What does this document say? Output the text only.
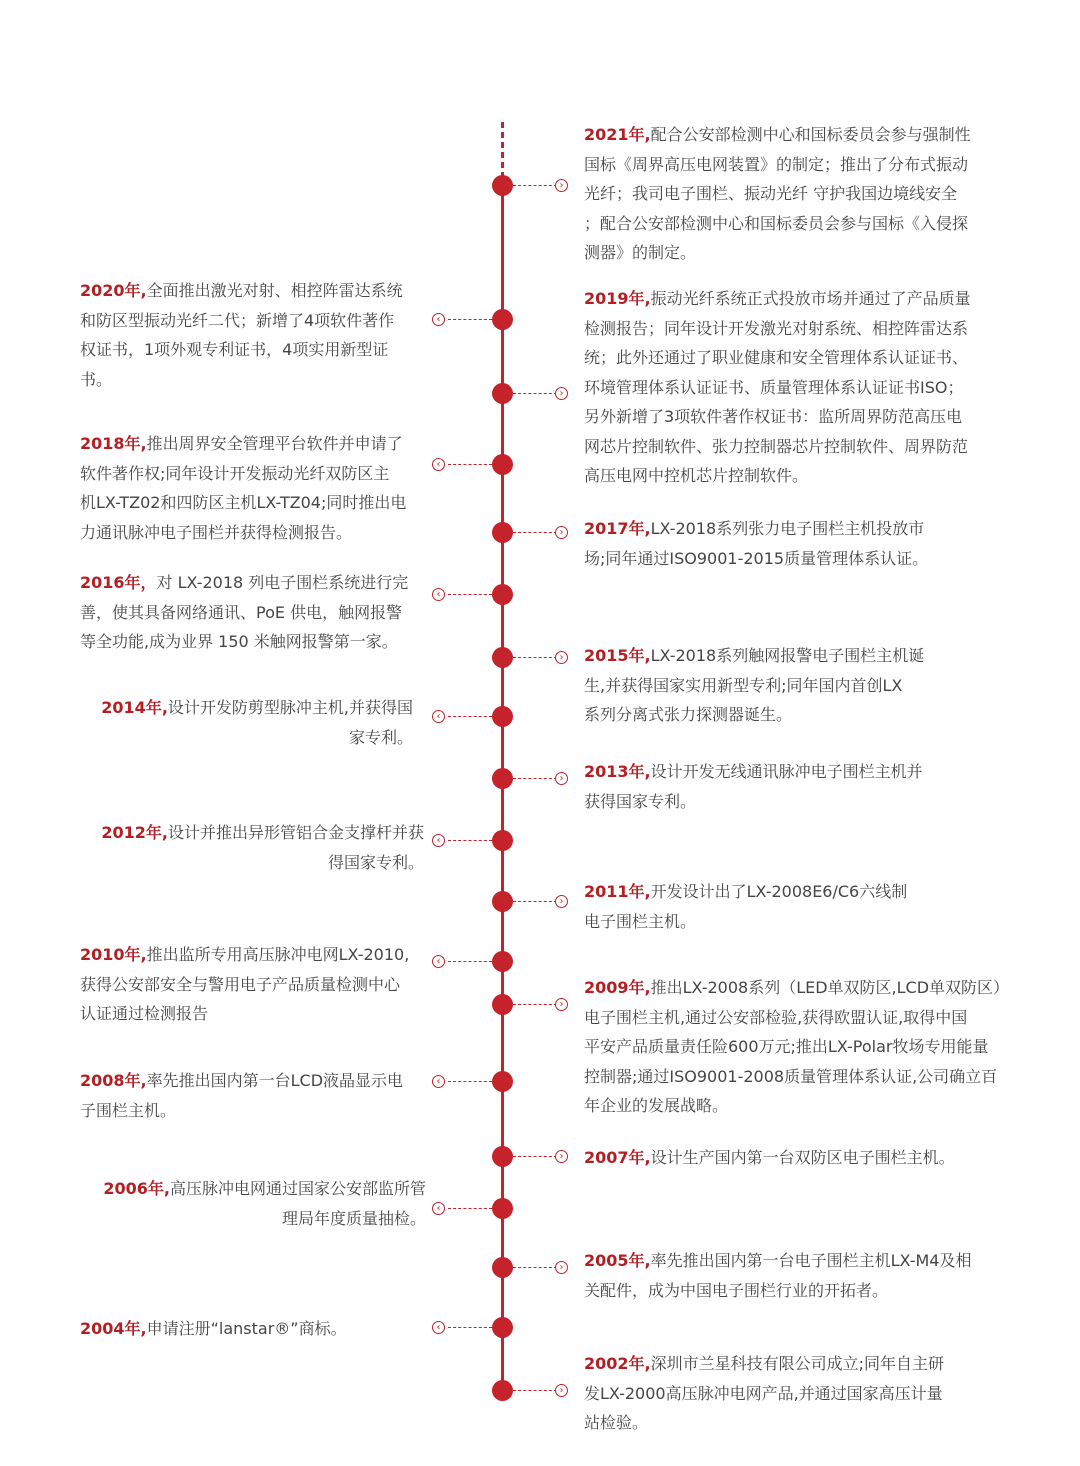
2021年,配合公安部检测中心和国标委员会参与强制性
国标《周界高压电网装置》的制定；推出了分布式振动
光纤；我司电子围栏、振动光纤 守护我国边境线安全
；配合公安部检测中心和国标委员会参与国标《入侵探
测器》的制定。

2019年,振动光纤系统正式投放市场并通过了产品质量
检测报告；同年设计开发激光对射系统、相控阵雷达系
统；此外还通过了职业健康和安全管理体系认证证书、
环境管理体系认证证书、质量管理体系认证证书ISO；
另外新增了3项软件著作权证书：监所周界防范高压电
网芯片控制软件、张力控制器芯片控制软件、周界防范
高压电网中控机芯片控制软件。

2017年,LX-2018系列张力电子围栏主机投放市
场;同年通过ISO9001-2015质量管理体系认证。

2015年,LX-2018系列触网报警电子围栏主机诞
生,并获得国家实用新型专利;同年国内首创LX
系列分离式张力探测器诞生。

2013年,设计开发无线通讯脉冲电子围栏主机并
获得国家专利。

2011年,开发设计出了LX-2008E6/C6六线制
电子围栏主机。

2009年,推出LX-2008系列（LED单双防区,LCD单双防区）
电子围栏主机,通过公安部检验,获得欧盟认证,取得中国
平安产品质量责任险600万元;推出LX-Polar牧场专用能量
控制器;通过ISO9001-2008质量管理体系认证,公司确立百
年企业的发展战略。

2007年,设计生产国内第一台双防区电子围栏主机。

2005年,率先推出国内第一台电子围栏主机LX-M4及相
关配件，成为中国电子围栏行业的开拓者。

2002年,深圳市兰星科技有限公司成立;同年自主研
发LX-2000高压脉冲电网产品,并通过国家高压计量
站检验。

2020年,全面推出激光对射、相控阵雷达系统
和防区型振动光纤二代；新增了4项软件著作
权证书，1项外观专利证书，4项实用新型证
书。

2018年,推出周界安全管理平台软件并申请了
软件著作权;同年设计开发振动光纤双防区主
机LX-TZ02和四防区主机LX-TZ04;同时推出电
力通讯脉冲电子围栏并获得检测报告。

2016年，对 LX-2018 列电子围栏系统进行完
善，使其具备网络通讯、PoE 供电，触网报警
等全功能,成为业界 150 米触网报警第一家。

2014年,设计开发防剪型脉冲主机,并获得国
家专利。

2012年,设计并推出异形管铝合金支撑杆并获
得国家专利。

2010年,推出监所专用高压脉冲电网LX-2010,
获得公安部安全与警用电子产品质量检测中心
认证通过检测报告

2008年,率先推出国内第一台LCD液晶显示电
子围栏主机。

2006年,高压脉冲电网通过国家公安部监所管
理局年度质量抽检。

2004年,申请注册“lanstar®”商标。

›
›
›
›
›
›
›
›
›
›
‹
‹
‹
‹
‹
‹
‹
‹
‹
